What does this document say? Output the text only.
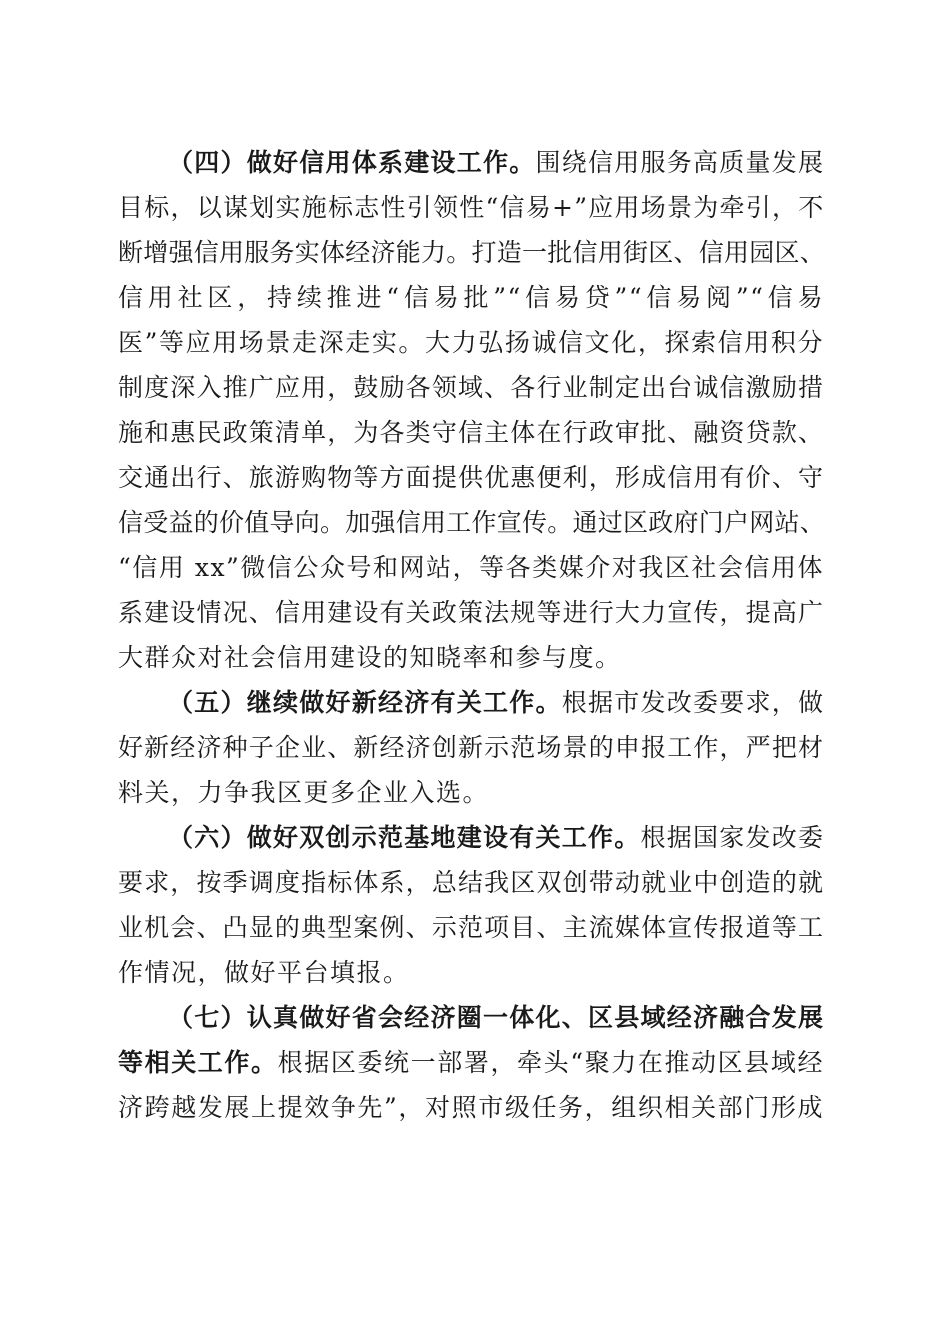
（四）做好信用体系建设工作。围绕信用服务高质量发展
目标，以谋划实施标志性引领性“信易+”应用场景为牵引，不
断增强信用服务实体经济能力。打造一批信用街区、信用园区、
信用社区，持续推进“信易批”“信易贷”“信易阅”“信易
医”等应用场景走深走实。大力弘扬诚信文化，探索信用积分
制度深入推广应用，鼓励各领域、各行业制定出台诚信激励措
施和惠民政策清单，为各类守信主体在行政审批、融资贷款、
交通出行、旅游购物等方面提供优惠便利，形成信用有价、守
信受益的价值导向。加强信用工作宣传。通过区政府门户网站、
“信用 xx”微信公众号和网站，等各类媒介对我区社会信用体
系建设情况、信用建设有关政策法规等进行大力宣传，提高广
大群众对社会信用建设的知晓率和参与度。
（五）继续做好新经济有关工作。根据市发改委要求，做
好新经济种子企业、新经济创新示范场景的申报工作，严把材
料关，力争我区更多企业入选。
（六）做好双创示范基地建设有关工作。根据国家发改委
要求，按季调度指标体系，总结我区双创带动就业中创造的就
业机会、凸显的典型案例、示范项目、主流媒体宣传报道等工
作情况，做好平台填报。
（七）认真做好省会经济圈一体化、区县域经济融合发展
等相关工作。根据区委统一部署，牵头“聚力在推动区县域经
济跨越发展上提效争先”，对照市级任务，组织相关部门形成
